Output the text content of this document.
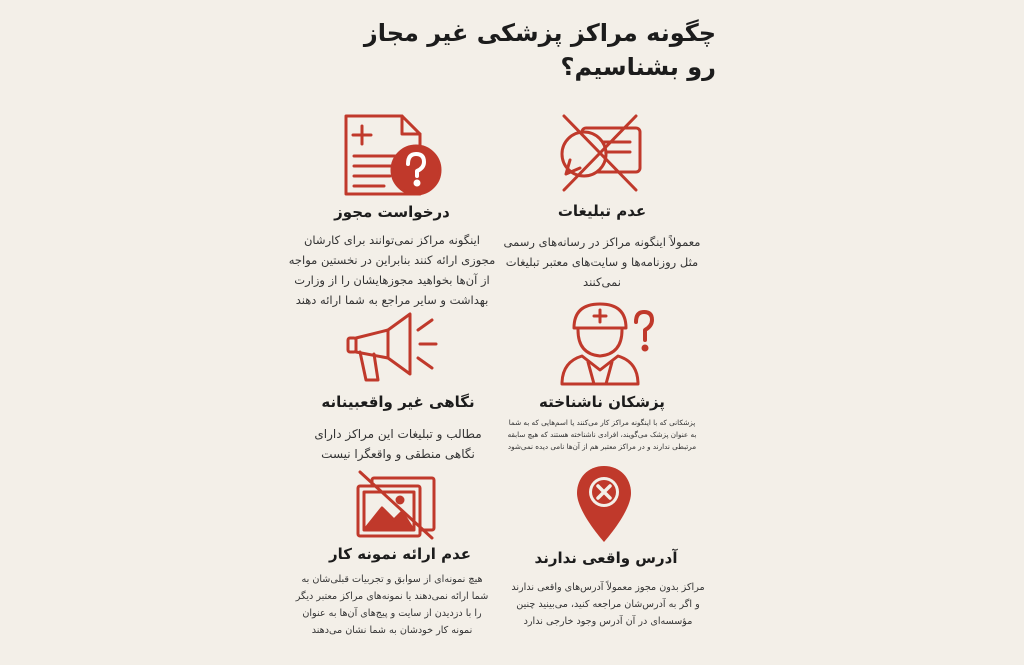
چگونه مراکز پزشکی غیر مجاز
رو بشناسیم؟
عدم تبلیغات
معمولاً اینگونه مراکز در رسانه‌های رسمی مثل روزنامه‌ها و سایت‌های معتبر تبلیغات نمی‌کنند
درخواست مجوز
اینگونه مراکز نمی‌توانند برای کارشان مجوزی ارائه کنند بنابراین در نخستین مواجه از آن‌ها بخواهید مجوزهایشان را از وزارت بهداشت و سایر مراجع به شما ارائه دهند
پزشکان ناشناخته
پزشکانی که با اینگونه مراکز کار می‌کنند یا اسم‌هایی که به شما به عنوان پزشک می‌گویند، افرادی ناشناخته هستند که هیچ سابقه مرتبطی ندارند و در مراکز معتبر هم از آن‌ها نامی دیده نمی‌شود
نگاهی غیر واقعبینانه
مطالب و تبلیغات این مراکز دارای نگاهی منطقی و واقعگرا نیست
آدرس واقعی ندارند
مراکز بدون مجوز معمولاً آدرس‌های واقعی ندارند و اگر به آدرس‌شان مراجعه کنید، می‌بینید چنین مؤسسه‌ای در آن آدرس وجود خارجی ندارد
عدم ارائه نمونه کار
هیچ نمونه‌ای از سوابق و تجربیات قبلی‌شان به شما ارائه نمی‌دهند یا نمونه‌های مراکز معتبر دیگر را با دزدیدن از سایت و پیج‌های آن‌ها به عنوان نمونه کار خودشان به شما نشان می‌دهند
